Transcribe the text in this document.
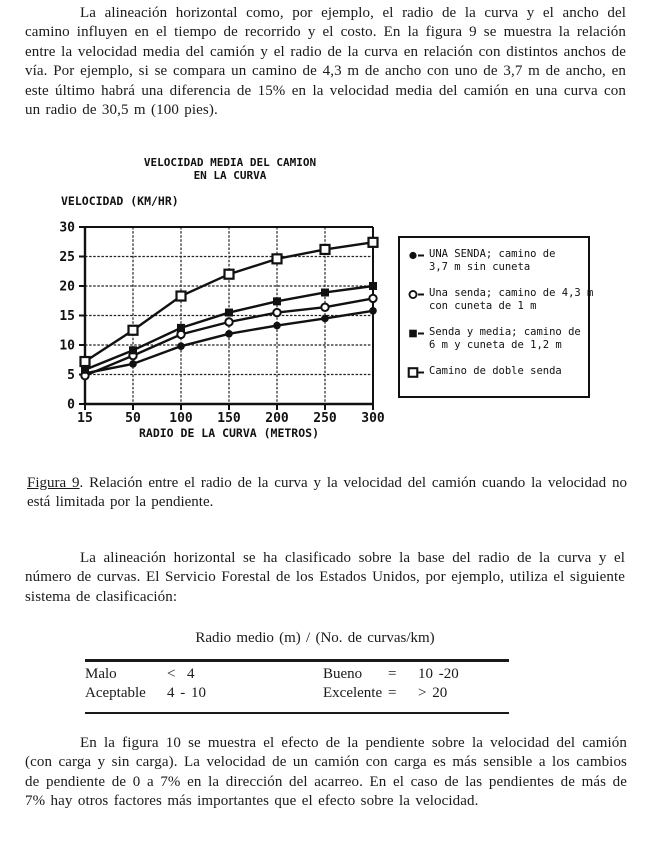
La alineación horizontal como, por ejemplo, el radio de la curva y el ancho del camino influyen en el tiempo de recorrido y el costo. En la figura 9 se muestra la relación entre la velocidad media del camión y el radio de la curva en relación con distintos anchos de vía. Por ejemplo, si se compara un camino de 4,3 m de ancho con uno de 3,7 m de ancho, en este último habrá una diferencia de 15% en la velocidad media del camión en una curva con un radio de 30,5 m (100 pies).

VELOCIDAD MEDIA DEL CAMION
EN LA CURVA
VELOCIDAD (KM/HR)
0
5
10
15
20
25
30
15 50 100 150 200 250 300
RADIO DE LA CURVA (METROS)
UNA SENDA; camino de
3,7 m sin cuneta
Una senda; camino de 4,3 m
con cuneta de 1 m
Senda y media; camino de
6 m y cuneta de 1,2 m
Camino de doble senda

Figura 9. Relación entre el radio de la curva y la velocidad del camión cuando la velocidad no está limitada por la pendiente.

La alineación horizontal se ha clasificado sobre la base del radio de la curva y el número de curvas. El Servicio Forestal de los Estados Unidos, por ejemplo, utiliza el siguiente sistema de clasificación:

Radio medio (m) / (No. de curvas/km)
Malo	<  4	Bueno = 10 -20
Aceptable 4 - 10	Excelente = > 20

En la figura 10 se muestra el efecto de la pendiente sobre la velocidad del camión (con carga y sin carga). La velocidad de un camión con carga es más sensible a los cambios de pendiente de 0 a 7% en la dirección del acarreo. En el caso de las pendientes de más de 7% hay otros factores más importantes que el efecto sobre la velocidad.
